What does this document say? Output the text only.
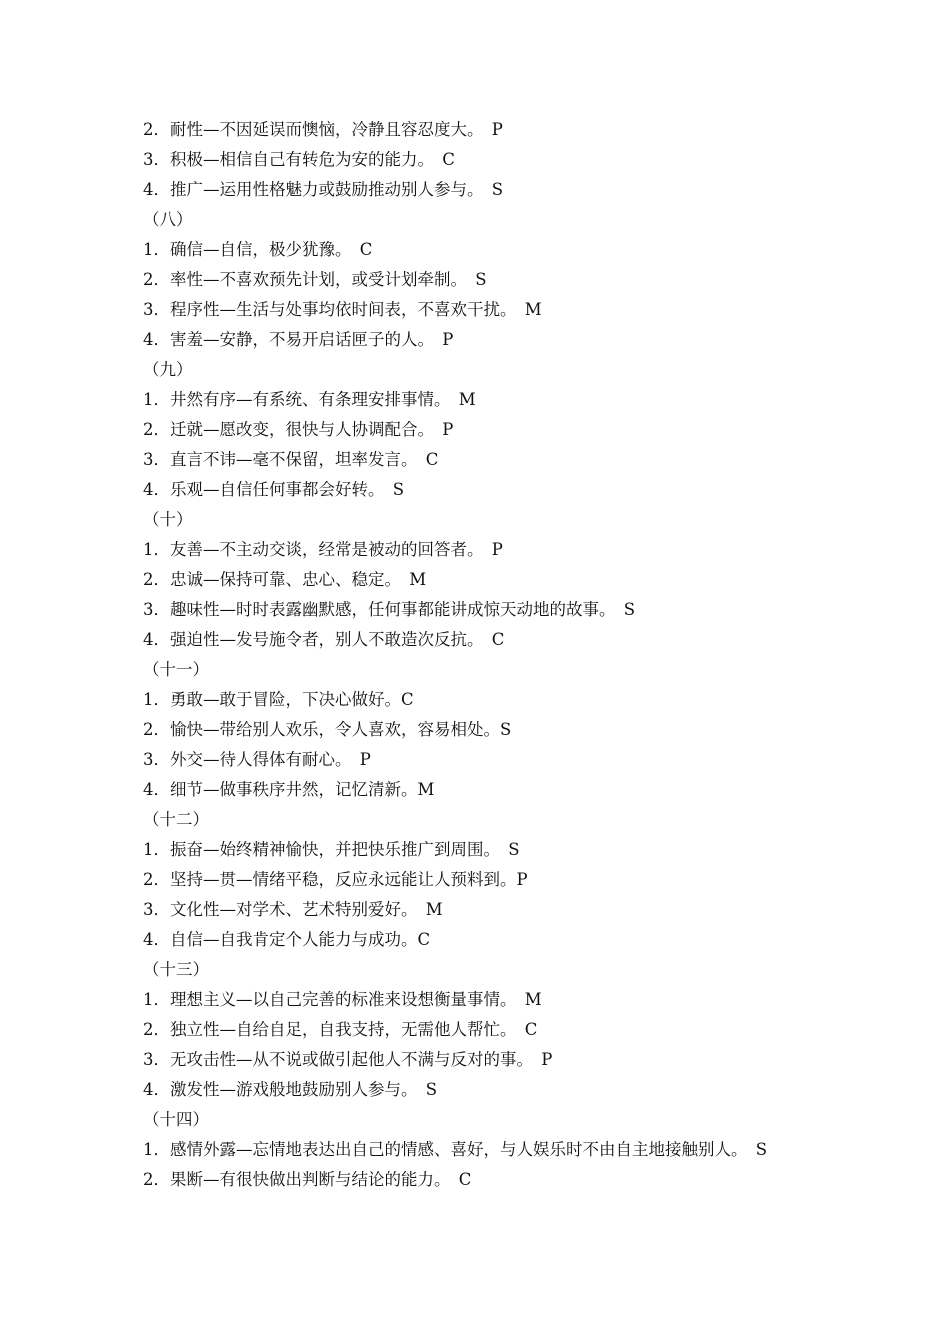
2．耐性—不因延误而懊恼，冷静且容忍度大。　P
3．积极—相信自己有转危为安的能力。　C
4．推广—运用性格魅力或鼓励推动别人参与。　S
（八）
1．确信—自信，极少犹豫。　C
2．率性—不喜欢预先计划，或受计划牵制。　S
3．程序性—生活与处事均依时间表，不喜欢干扰。　M
4．害羞—安静，不易开启话匣子的人。　P
（九）
1．井然有序—有系统、有条理安排事情。　M
2．迁就—愿改变，很快与人协调配合。　P
3．直言不讳—毫不保留，坦率发言。　C
4．乐观—自信任何事都会好转。　S
（十）
1．友善—不主动交谈，经常是被动的回答者。　P
2．忠诚—保持可靠、忠心、稳定。　M
3．趣味性—时时表露幽默感，任何事都能讲成惊天动地的故事。　S
4．强迫性—发号施令者，别人不敢造次反抗。　C
（十一）
1．勇敢—敢于冒险，下决心做好。C
2．愉快—带给别人欢乐，令人喜欢，容易相处。S
3．外交—待人得体有耐心。　P
4．细节—做事秩序井然，记忆清新。M
（十二）
1．振奋—始终精神愉快，并把快乐推广到周围。　S
2．坚持—贯—情绪平稳，反应永远能让人预料到。P
3．文化性—对学术、艺术特别爱好。　M
4．自信—自我肯定个人能力与成功。C
（十三）
1．理想主义—以自己完善的标准来设想衡量事情。　M
2．独立性—自给自足，自我支持，无需他人帮忙。　C
3．无攻击性—从不说或做引起他人不满与反对的事。　P
4．激发性—游戏般地鼓励别人参与。　S
（十四）
1．感情外露—忘情地表达出自己的情感、喜好，与人娱乐时不由自主地接触别人。　S
2．果断—有很快做出判断与结论的能力。　C
